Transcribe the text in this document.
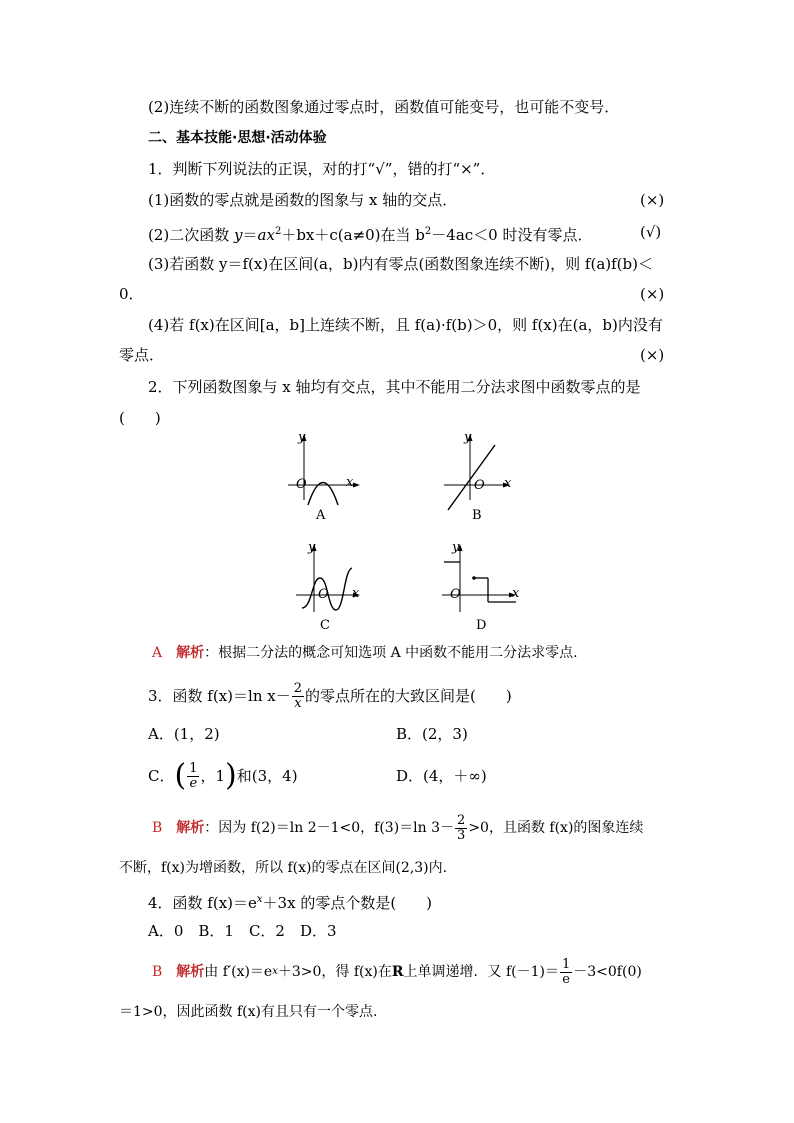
(2)连续不断的函数图象通过零点时，函数值可能变号，也可能不变号．
二、基本技能·思想·活动体验
1．判断下列说法的正误，对的打“√”，错的打“×”．
(1)函数的零点就是函数的图象与 x 轴的交点．	(×)
(2)二次函数 $y=ax^2+bx+c(a\ne 0)$在当 $b^2-4ac<0$ 时没有零点．	(√)
(3)若函数 y＝f(x)在区间(a，b)内有零点(函数图象连续不断)，则 f(a)f(b)＜
0．	(×)
(4)若 f(x)在区间[a，b]上连续不断，且 f(a)·f(b)＞0，则 f(x)在(a，b)内没有
零点．	(×)
2．下列函数图象与 x 轴均有交点，其中不能用二分法求图中函数零点的是
(　　)
y
x
O
A
y
x
O
B
y
x
O
C
y
x
O
D
A　 解析：根据二分法的概念可知选项 A 中函数不能用二分法求零点.
3．函数 f(x)＝ln $x- \frac{2}{x}$ 的零点所在的大致区间是(　　)
A．(1，2)	B．(2，3)
C． ( $\frac{1}{e}$ ，1 ) 和(3，4)	D．(4，＋∞)
B
　 解析 ：因为 f(2)＝ln 2－1<0，f(3)＝ln $3- \frac{2}{3} >0$，且函数 f(x)的图象连续
不断，f(x)为增函数，所以 f(x)的零点在区间(2,3)内.
4．函数 $f(x)=e^x+3x$ 的零点个数是(　　)
A．0　B．1　C．2　D．3
B
　 解析 由 f′(x)＝e x ＋3>0，得 f(x)在 R 上单调递增．又 $f(-1)= \frac{1}{e} -3<0f(0)$
＝1>0，因此函数 f(x)有且只有一个零点.
